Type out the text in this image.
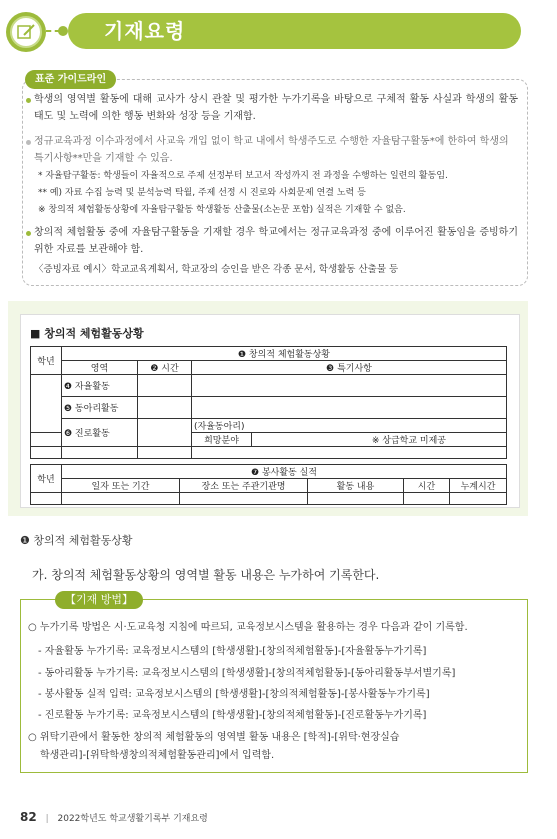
기재요령
표준 가이드라인
학생의 영역별 활동에 대해 교사가 상시 관찰 및 평가한 누가기록을 바탕으로 구체적 활동 사실과 학생의 활동 태도 및 노력에 의한 행동 변화와 성장 등을 기재함.
정규교육과정 이수과정에서 사교육 개입 없이 학교 내에서 학생주도로 수행한 자율탐구활동*에 한하여 학생의 특기사항**만을 기재할 수 있음.
* 자율탐구활동: 학생들이 자율적으로 주제 선정부터 보고서 작성까지 전 과정을 수행하는 일련의 활동임.
** 예) 자료 수집 능력 및 분석능력 탁월, 주제 선정 시 진로와 사회문제 연결 노력 등
※ 창의적 체험활동상황에 자율탐구활동 학생활동 산출물(소논문 포함) 실적은 기재할 수 없음.
창의적 체험활동 중에 자율탐구활동을 기재할 경우 학교에서는 정규교육과정 중에 이루어진 활동임을 증빙하기 위한 자료를 보관해야 함.
〈증빙자료 예시〉학교교육계획서, 학교장의 승인을 받은 각종 문서, 학생활동 산출물 등
■ 창의적 체험활동상황
학년	❶ 창의적 체험활동상황			
	영역	❷ 시간	❸ 특기사항	
	❹ 자율활동			
	❺ 동아리활동			
	❻ 진로활동		(자율동아리)	
			희망분야	※ 상급학교 미제공

학년	❼ 봉사활동 실적				
	일자 또는 기간	장소 또는 주관기관명	활동 내용	시간	누계시간

❶ 창의적 체험활동상황
가. 창의적 체험활동상황의 영역별 활동 내용은 누가하여 기록한다.
【기재 방법】
○ 누가기록 방법은 시·도교육청 지침에 따르되, 교육정보시스템을 활용하는 경우 다음과 같이 기록함.
- 자율활동 누가기록: 교육정보시스템의 [학생생활]-[창의적체험활동]-[자율활동누가기록]
- 동아리활동 누가기록: 교육정보시스템의 [학생생활]-[창의적체험활동]-[동아리활동부서별기록]
- 봉사활동 실적 입력: 교육정보시스템의 [학생생활]-[창의적체험활동]-[봉사활동누가기록]
- 진로활동 누가기록: 교육정보시스템의 [학생생활]-[창의적체험활동]-[진로활동누가기록]
○ 위탁기관에서 활동한 창의적 체험활동의 영역별 활동 내용은 [학적]-[위탁·현장실습
학생관리]-[위탁학생창의적체험활동관리]에서 입력함.
82 | 2022학년도 학교생활기록부 기재요령
